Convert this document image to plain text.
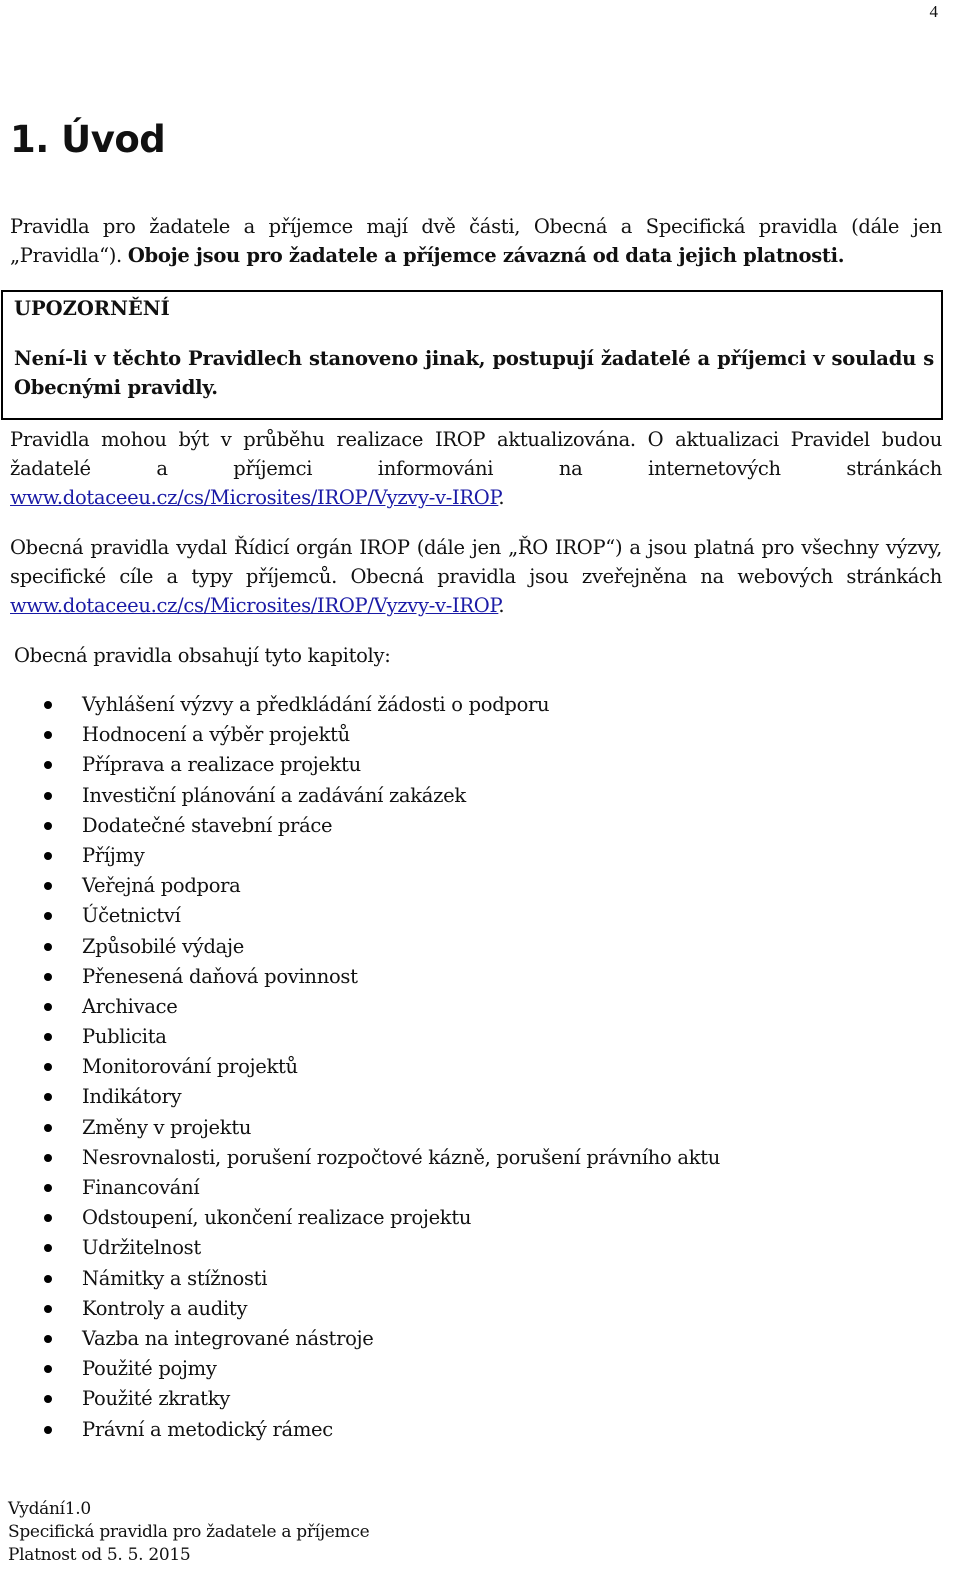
4
1. Úvod
Pravidla pro žadatele a příjemce mají dvě části, Obecná a Specifická pravidla (dále jen „Pravidla“). Oboje jsou pro žadatele a příjemce závazná od data jejich platnosti.
UPOZORNĚNÍ
Není-li v těchto Pravidlech stanoveno jinak, postupují žadatelé a příjemci v souladu s Obecnými pravidly.
Pravidla mohou být v průběhu realizace IROP aktualizována. O aktualizaci Pravidel budou žadatelé a příjemci informováni na internetových stránkách www.dotaceeu.cz/cs/Microsites/IROP/Vyzvy-v-IROP.
Obecná pravidla vydal Řídicí orgán IROP (dále jen „ŘO IROP“) a jsou platná pro všechny výzvy, specifické cíle a typy příjemců. Obecná pravidla jsou zveřejněna na webových stránkách www.dotaceeu.cz/cs/Microsites/IROP/Vyzvy-v-IROP.
Obecná pravidla obsahují tyto kapitoly:
Vyhlášení výzvy a předkládání žádosti o podporu
Hodnocení a výběr projektů
Příprava a realizace projektu
Investiční plánování a zadávání zakázek
Dodatečné stavební práce
Příjmy
Veřejná podpora
Účetnictví
Způsobilé výdaje
Přenesená daňová povinnost
Archivace
Publicita
Monitorování projektů
Indikátory
Změny v projektu
Nesrovnalosti, porušení rozpočtové kázně, porušení právního aktu
Financování
Odstoupení, ukončení realizace projektu
Udržitelnost
Námitky a stížnosti
Kontroly a audity
Vazba na integrované nástroje
Použité pojmy
Použité zkratky
Právní a metodický rámec
Vydání1.0
Specifická pravidla pro žadatele a příjemce
Platnost od 5. 5. 2015
